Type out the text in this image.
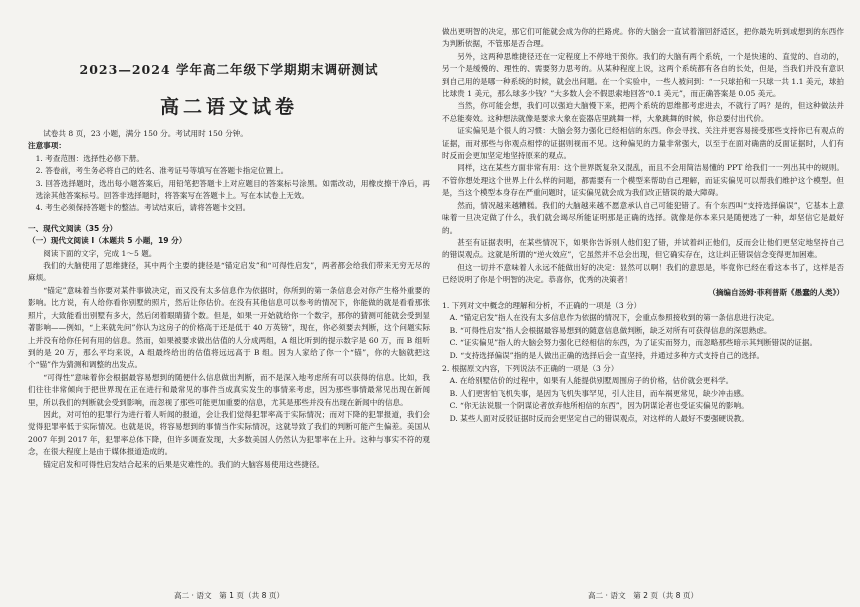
2023—2024 学年高二年级下学期期末调研测试
高二语文试卷

试卷共 8 页，23 小题，满分 150 分。考试用时 150 分钟。

注意事项：

1. 考查范围：选择性必修下册。

2. 答卷前，考生务必将自己的姓名、准考证号等填写在答题卡指定位置上。

3. 回答选择题时，选出每小题答案后，用铅笔把答题卡上对应题目的答案标号涂黑。如需改动，用橡皮擦干净后，再选涂其他答案标号。回答非选择题时，将答案写在答题卡上。写在本试卷上无效。

4. 考生必须保持答题卡的整洁。考试结束后，请将答题卡交回。

一、现代文阅读（35 分）

（一）现代文阅读 I（本题共 5 小题，19 分）

阅读下面的文字，完成 1～5 题。

我们的大脑使用了思维捷径，其中两个主要的捷径是“锚定启发”和“可得性启发”，两者都会给我们带来无穷无尽的麻烦。

“锚定”意味着当你要对某件事做决定，而又没有太多信息作为依据时，你所到的第一条信息会对你产生格外重要的影响。比方说，有人给你看你别墅的照片，然后让你估价。在没有其他信息可以参考的情况下，你能做的就是看看那张照片，大致能看出别墅有多大，然后闭着眼睛猜个数。但是，如果一开始就给你一个数字，那你的猜测可能就会受到显著影响——例如，“上来就先问”你认为这房子的价格高于还是低于 40 万英镑”，现在，你必须要去判断，这个问题实际上并没有给你任何有用的信息。然而，如果被要求做出估值的人分成两组，A 组比听到的提示数字是 60 万，而 B 组听到的是 20 万，那么平均来说，A 组最终给出的估值将远远高于 B 组。因为人家给了你一个“锚”，你的大脑就把这个“锚”作为猜测和调整的出发点。

“可得性”意味着你会根据最容易想到的随便什么信息做出判断，而不是深入地考虑所有可以获得的信息。比如，我们往往非常倾向于把世界现在正在进行和最常见的事件当成真实发生的事情来考虑，因为那些事情最常见出现在新闻里，所以我们的判断就会受到影响，而忽视了那些可能更加重要的信息，尤其是那些并没有出现在新闻中的信息。

因此，对可怕的犯罪行为进行着人听闻的报道，会让我们觉得犯罪率高于实际情况；而对下降的犯罪报道，我们会觉得犯罪率低于实际情况。也就是说，将容易想到的事情当作实际情况，这就导致了我们的判断可能产生偏差。美国从 2007 年到 2017 年，犯罪率总体下降，但许多调查发现，大多数美国人仍然认为犯罪率在上升。这种与事实不符的观念，在很大程度上是由于媒体报道造成的。

锚定启发和可得性启发结合起来的后果是灾难性的。我们的大脑容易使用这些捷径。

高二 · 语文　第 1 页（共 8 页）

做出更明智的决定，那它们可能就会成为你的拦路虎。你的大脑会一直试着溜回舒适区，把你最先听到或想到的东西作为判断依据，不管那是否合理。

另外，这两种思维捷径还在一定程度上不停地干预你。我们的大脑有两个系统，一个是快速的、直觉的、自动的，另一个是缓慢的、理性的、需要努力思考的。从某种程度上说，这两个系统都有各自的长处，但是，当我们并没有意识到自己用的是哪一种系统的时候，就会出问题。在一个实验中，一些人被问到：“一只球拍和一只球一共 1.1 美元，球拍比球贵 1 美元，那么球多少钱？”大多数人会不假思索地回答“0.1 美元”，而正确答案是 0.05 美元。

当然，你可能会想，我们可以强迫大脑慢下来，把两个系统的思维都考虑进去，不就行了吗？是的，但这种做法并不总能奏效。这种想法就像是要求大象在瓷器店里跳舞一样，大象跳舞的时候，你总要付出代价。

证实偏见是个很人的习惯：大脑会努力强化已经相信的东西。你会寻找、关注并更容易接受那些支持你已有观点的证据，而对那些与你观点相悖的证据则视而不见。这种偏见的力量非常强大，以至于在面对确凿的反面证据时，人们有时反而会更加坚定地坚持原来的观点。

同样，这在某些方面非常有用：这个世界既复杂又混乱，而且不会用简洁易懂的 PPT 给我们一一列出其中的规则。不管你想处理这个世界上什么样的问题，都需要有一个模型来帮助自己理解，而证实偏见可以帮我们维护这个模型。但是，当这个模型本身存在严重问题时，证实偏见就会成为我们改正错误的最大障碍。

然而，情况越来越糟糕。我们的大脑越来越不愿意承认自己可能犯错了。有个东西叫“支持选择偏误”，它基本上意味着一旦决定做了什么，我们就会竭尽所能证明那是正确的选择。就像是你本来只是随便选了一种，却坚信它是最好的。

甚至有证据表明，在某些情况下，如果你告诉别人他们犯了错，并试着纠正他们，反而会让他们更坚定地坚持自己的错误观点。这就是所谓的“逆火效应”，它虽然并不总会出现，但它确实存在，这让纠正错误信念变得更加困难。

但这一切并不意味着人永远不能做出好的决定：显然可以啊！我们的意思是，毕竟你已经在看这本书了，这样是否已经说明了你是个明智的决定。恭喜你，优秀的决策者！

（摘编自汤姆·菲利普斯《愚蠢的人类》）

1. 下列对文中概念的理解和分析，不正确的一项是（3 分）

A. “锚定启发”指人在没有太多信息作为依据的情况下，会重点参照接收到的第一条信息进行决定。

B. “可得性启发”指人会根据最容易想到的随意信息做判断，缺乏对所有可获得信息的深思熟虑。

C. “证实偏见”指人的大脑会努力强化已经相信的东西，为了证实而努力，而忽略那些暗示其判断错误的证据。

D. “支持选择偏误”指的是人做出正确的选择后会一直坚持，并通过多种方式支持自己的选择。

2. 根据原文内容，下列说法不正确的一项是（3 分）

A. 在给别墅估价的过程中，如果有人能提供别墅周围房子的价格，估价就会更科学。

B. 人们更害怕飞机失事，是因为飞机失事罕见，引人注目，而车祸更常见，缺少冲击感。

C. “你无法说服一个阴谋论者放弃他所相信的东西”，因为阴谋论者也受证实偏见的影响。

D. 某些人面对反驳证据时反而会更坚定自己的错误观点，对这样的人最好不要强硬说教。

高二 · 语文　第 2 页（共 8 页）
